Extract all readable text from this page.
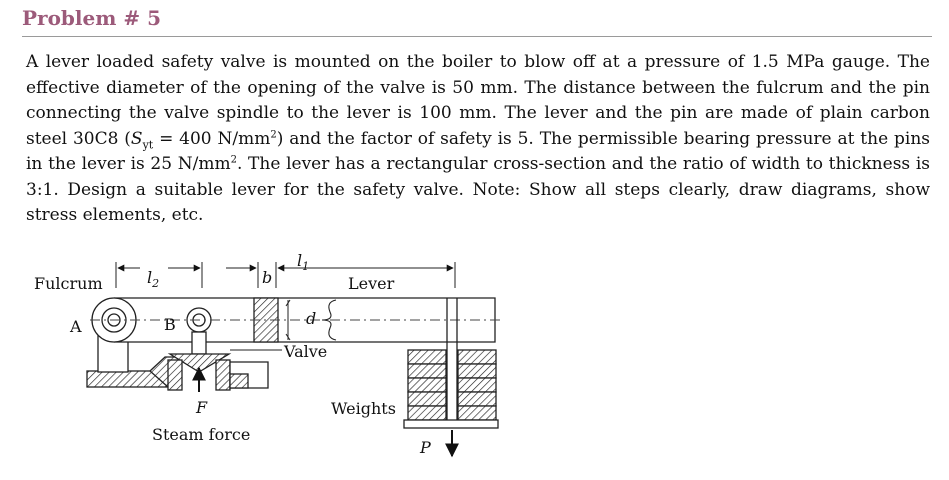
Problem # 5

A lever loaded safety valve is mounted on the boiler to blow off at a pressure of 1.5 MPa gauge. The effective diameter of the opening of the valve is 50 mm. The distance between the fulcrum and the pin connecting the valve spindle to the lever is 100 mm. The lever and the pin are made of plain carbon steel 30C8 ($S_{yt} = 400$ $N/mm^2$) and the factor of safety is 5. The permissible bearing pressure at the pins in the lever is 25 $N/mm^2$. The lever has a rectangular cross-section and the ratio of width to thickness is 3:1. Design a suitable lever for the safety valve. Note: Show all steps clearly, draw diagrams, show stress elements, etc.

Fulcrum
A	B
$l_2$	b
$l_1$
d
Lever
Valve
F
Steam force
Weights
P
